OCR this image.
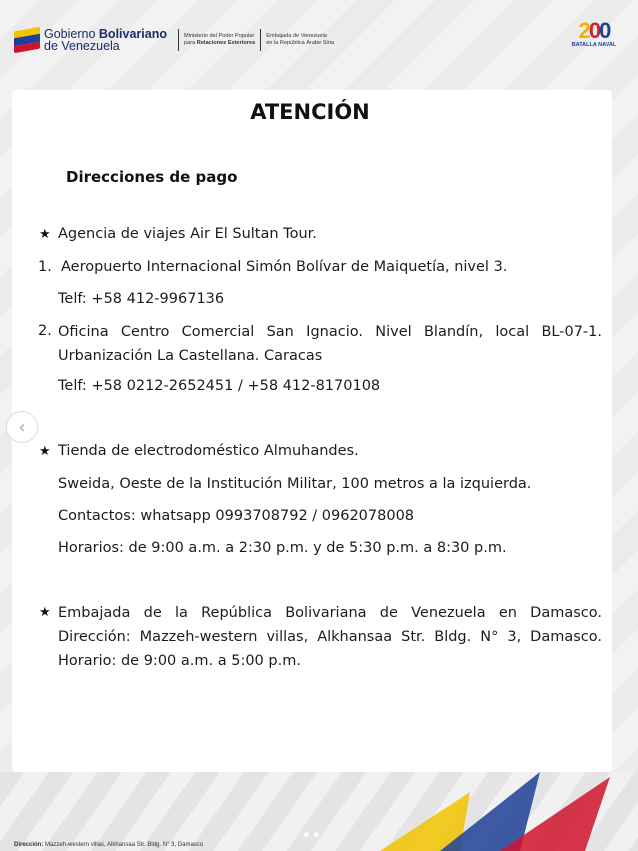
Gobierno Bolivariano
de Venezuela
Ministerio del Poder Popular
para Relaciones Exteriores
Embajada de Venezuela
en la República Árabe Siria	200
BATALLA NAVAL
ATENCIÓN
Direcciones de pago
★ Agencia de viajes Air El Sultan Tour.
1. Aeropuerto Internacional Simón Bolívar de Maiquetía, nivel 3.
Telf: +58 412-9967136
2. Oficina Centro Comercial San Ignacio. Nivel Blandín, local BL-07-1. Urbanización La Castellana. Caracas
Telf: +58 0212-2652451 / +58 412-8170108
‹
★ Tienda de electrodoméstico Almuhandes.
Sweida, Oeste de la Institución Militar, 100 metros a la izquierda.
Contactos: whatsapp 0993708792 / 0962078008
Horarios: de 9:00 a.m. a 2:30 p.m. y de 5:30 p.m. a 8:30 p.m.
★ Embajada de la República Bolivariana de Venezuela en Damasco. Dirección: Mazzeh-western villas, Alkhansaa Str. Bldg. N° 3, Damasco. Horario: de 9:00 a.m. a 5:00 p.m.
Dirección: Mazzeh-western villas, Alkhansaa Str. Bldg. N° 3, Damasco
